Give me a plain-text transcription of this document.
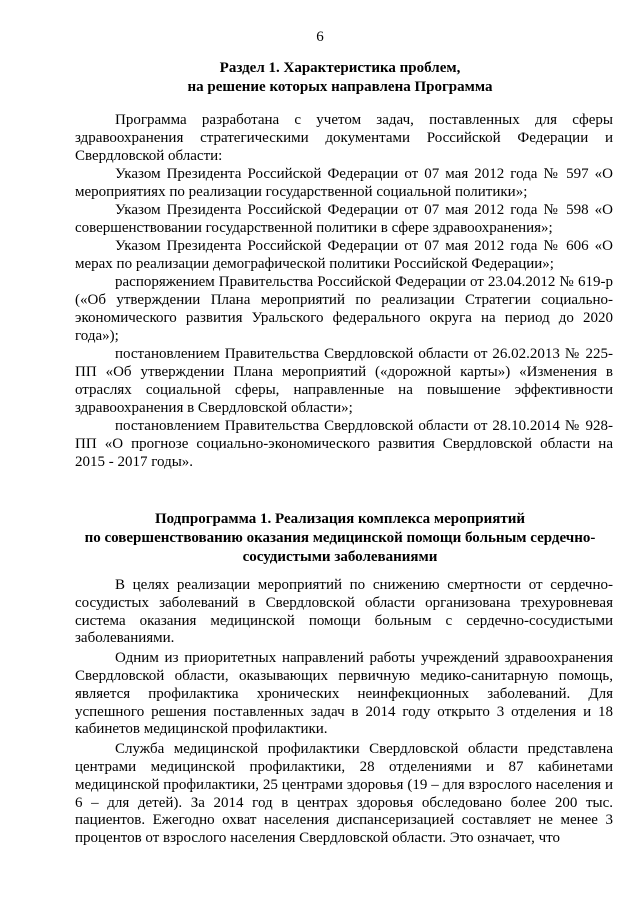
6
Раздел 1. Характеристика проблем,
на решение которых направлена Программа

Программа разработана с учетом задач, поставленных для сферы здравоохранения стратегическими документами Российской Федерации и Свердловской области:

Указом Президента Российской Федерации от 07 мая 2012 года № 597 «О мероприятиях по реализации государственной социальной политики»;

Указом Президента Российской Федерации от 07 мая 2012 года № 598 «О совершенствовании государственной политики в сфере здравоохранения»;

Указом Президента Российской Федерации от 07 мая 2012 года № 606 «О мерах по реализации демографической политики Российской Федерации»;

распоряжением Правительства Российской Федерации от 23.04.2012 № 619-р («Об утверждении Плана мероприятий по реализации Стратегии социально-экономического развития Уральского федерального округа на период до 2020 года»);

постановлением Правительства Свердловской области от 26.02.2013 № 225-ПП «Об утверждении Плана мероприятий («дорожной карты») «Изменения в отраслях социальной сферы, направленные на повышение эффективности здравоохранения в Свердловской области»;

постановлением Правительства Свердловской области от 28.10.2014 № 928-ПП «О прогнозе социально-экономического развития Свердловской области на 2015 - 2017 годы».

Подпрограмма 1. Реализация комплекса мероприятий
по совершенствованию оказания медицинской помощи больным сердечно-
сосудистыми заболеваниями

В целях реализации мероприятий по снижению смертности от сердечно-сосудистых заболеваний в Свердловской области организована трехуровневая система оказания медицинской помощи больным с сердечно-сосудистыми заболеваниями.

Одним из приоритетных направлений работы учреждений здравоохранения Свердловской области, оказывающих первичную медико-санитарную помощь, является профилактика хронических неинфекционных заболеваний. Для успешного решения поставленных задач в 2014 году открыто 3 отделения и 18 кабинетов медицинской профилактики.

Служба медицинской профилактики Свердловской области представлена центрами медицинской профилактики, 28 отделениями и 87 кабинетами медицинской профилактики, 25 центрами здоровья (19 – для взрослого населения и 6 – для детей). За 2014 год в центрах здоровья обследовано более 200 тыс. пациентов. Ежегодно охват населения диспансеризацией составляет не менее 3 процентов от взрослого населения Свердловской области. Это означает, что
